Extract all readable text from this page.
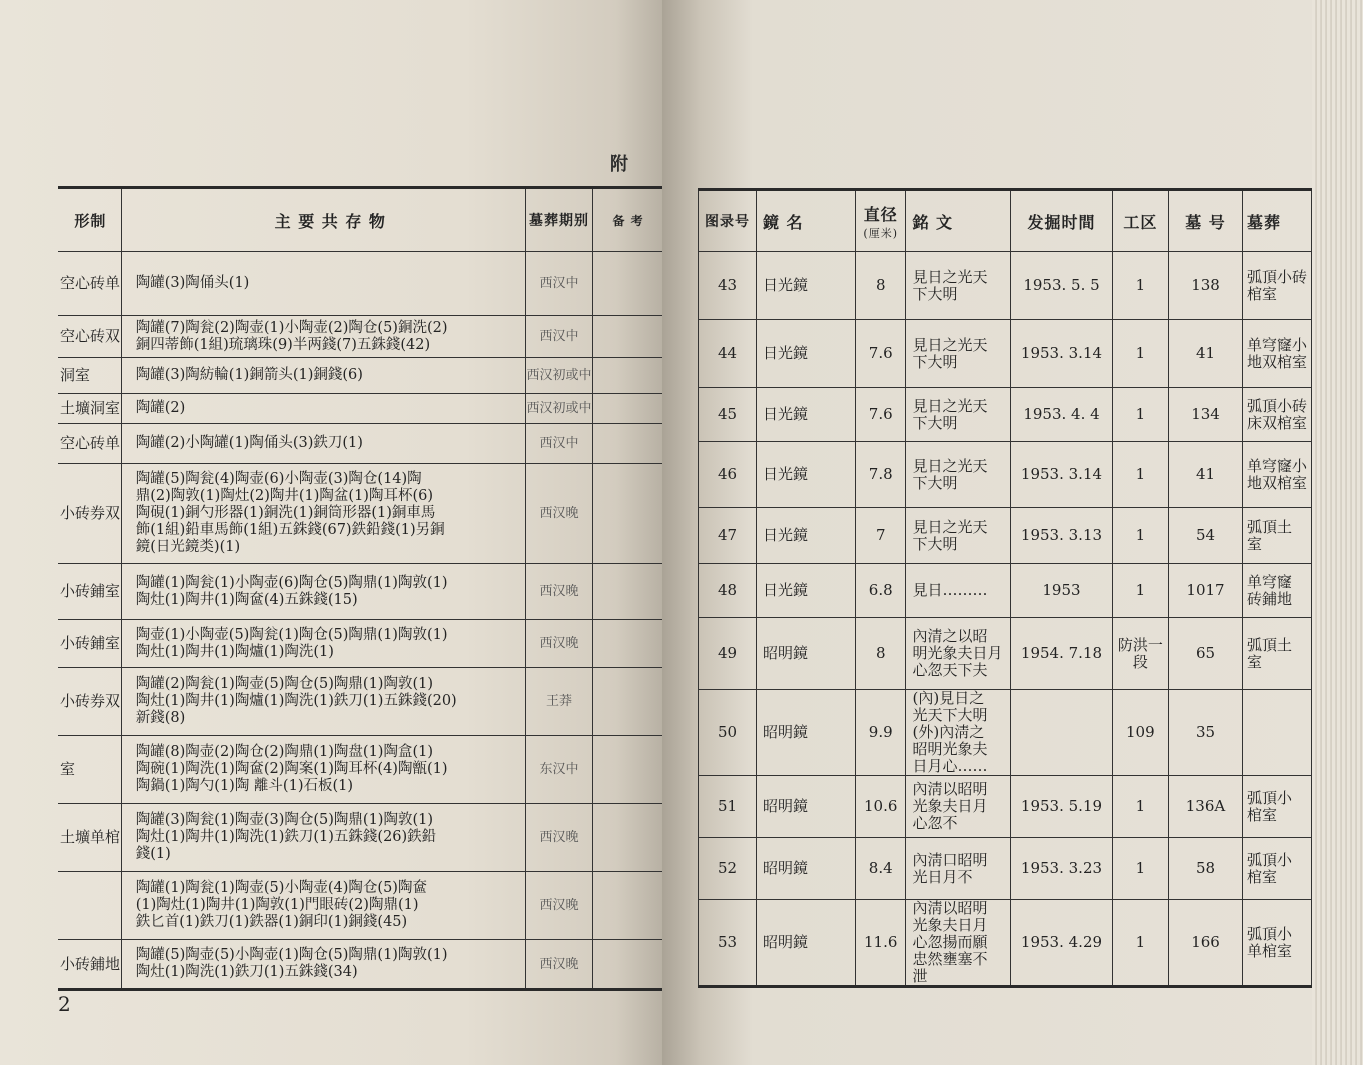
附
形制	主 要 共 存 物	墓葬期别	备 考
空心砖单	陶罐(3)陶俑头(1)	西汉中	
空心砖双	陶罐(7)陶瓮(2)陶壶(1)小陶壶(2)陶仓(5)銅洗(2)
銅四蒂飾(1組)琉璃珠(9)半两錢(7)五銖錢(42)	西汉中	
洞室	陶罐(3)陶紡輪(1)銅箭头(1)銅錢(6)	西汉初或中	
土壙洞室	陶罐(2)	西汉初或中	
空心砖单	陶罐(2)小陶罐(1)陶俑头(3)鉄刀(1)	西汉中	
小砖券双	陶罐(5)陶瓮(4)陶壶(6)小陶壶(3)陶仓(14)陶
鼎(2)陶敦(1)陶灶(2)陶井(1)陶盆(1)陶耳杯(6)
陶硯(1)銅勺形器(1)銅洗(1)銅筒形器(1)銅車馬
飾(1組)鉛車馬飾(1組)五銖錢(67)鉄鉛錢(1)另銅
鏡(日光鏡类)(1)	西汉晚	
小砖鋪室	陶罐(1)陶瓮(1)小陶壶(6)陶仓(5)陶鼎(1)陶敦(1)
陶灶(1)陶井(1)陶奩(4)五銖錢(15)	西汉晚	
小砖鋪室	陶壶(1)小陶壶(5)陶瓮(1)陶仓(5)陶鼎(1)陶敦(1)
陶灶(1)陶井(1)陶爐(1)陶洗(1)	西汉晚	
小砖券双	陶罐(2)陶瓮(1)陶壶(5)陶仓(5)陶鼎(1)陶敦(1)
陶灶(1)陶井(1)陶爐(1)陶洗(1)鉄刀(1)五銖錢(20)
新錢(8)	王莽	
室	陶罐(8)陶壶(2)陶仓(2)陶鼎(1)陶盘(1)陶盒(1)
陶碗(1)陶洗(1)陶奩(2)陶案(1)陶耳杯(4)陶甑(1)
陶鍋(1)陶勺(1)陶 離斗(1)石板(1)	东汉中	
土壙单棺	陶罐(3)陶瓮(1)陶壶(3)陶仓(5)陶鼎(1)陶敦(1)
陶灶(1)陶井(1)陶洗(1)鉄刀(1)五銖錢(26)鉄鉛
錢(1)	西汉晚	

	陶罐(1)陶瓮(1)陶壶(5)小陶壶(4)陶仓(5)陶奩
(1)陶灶(1)陶井(1)陶敦(1)門眼砖(2)陶鼎(1)
鉄匕首(1)鉄刀(1)鉄器(1)銅印(1)銅錢(45)	西汉晚	
小砖鋪地	陶罐(5)陶壶(5)小陶壶(1)陶仓(5)陶鼎(1)陶敦(1)
陶灶(1)陶洗(1)鉄刀(1)五銖錢(34)	西汉晚	
2
图录号	鏡 名	直径
(厘米)	銘 文	发掘时間	工区	墓 号	墓葬
43	日光鏡	8	見日之光天
下大明	1953. 5. 5	1	138	弧頂小砖
棺室

44	日光鏡	7.6	見日之光天
下大明	1953. 3.14	1	41	单穹窿小
地双棺室

45	日光鏡	7.6	見日之光天
下大明	1953. 4. 4	1	134	弧頂小砖
床双棺室

46	日光鏡	7.8	見日之光天
下大明	1953. 3.14	1	41	单穹窿小
地双棺室

47	日光鏡	7	見日之光天
下大明	1953. 3.13	1	54	弧頂土
室

48	日光鏡	6.8	見日………	1953	1	1017	单穹窿
砖鋪地

49	昭明鏡	8	內清之以昭
明光象夫日月
心忽天下夫	1954. 7.18	防洪一段	65	弧頂土
室

50	昭明鏡	9.9	(內)見日之
光天下大明
(外)內淸之
昭明光象夫
日月心……		109	35	

51	昭明鏡	10.6	內淸以昭明
光象夫日月
心忽不	1953. 5.19	1	136A	弧頂小
棺室

52	昭明鏡	8.4	內淸口昭明
光日月不	1953. 3.23	1	58	弧頂小
棺室

53	昭明鏡	11.6	內淸以昭明
光象夫日月
心忽揚而願
忠然壅塞不
泄	1953. 4.29	1	166	弧頂小
单棺室
